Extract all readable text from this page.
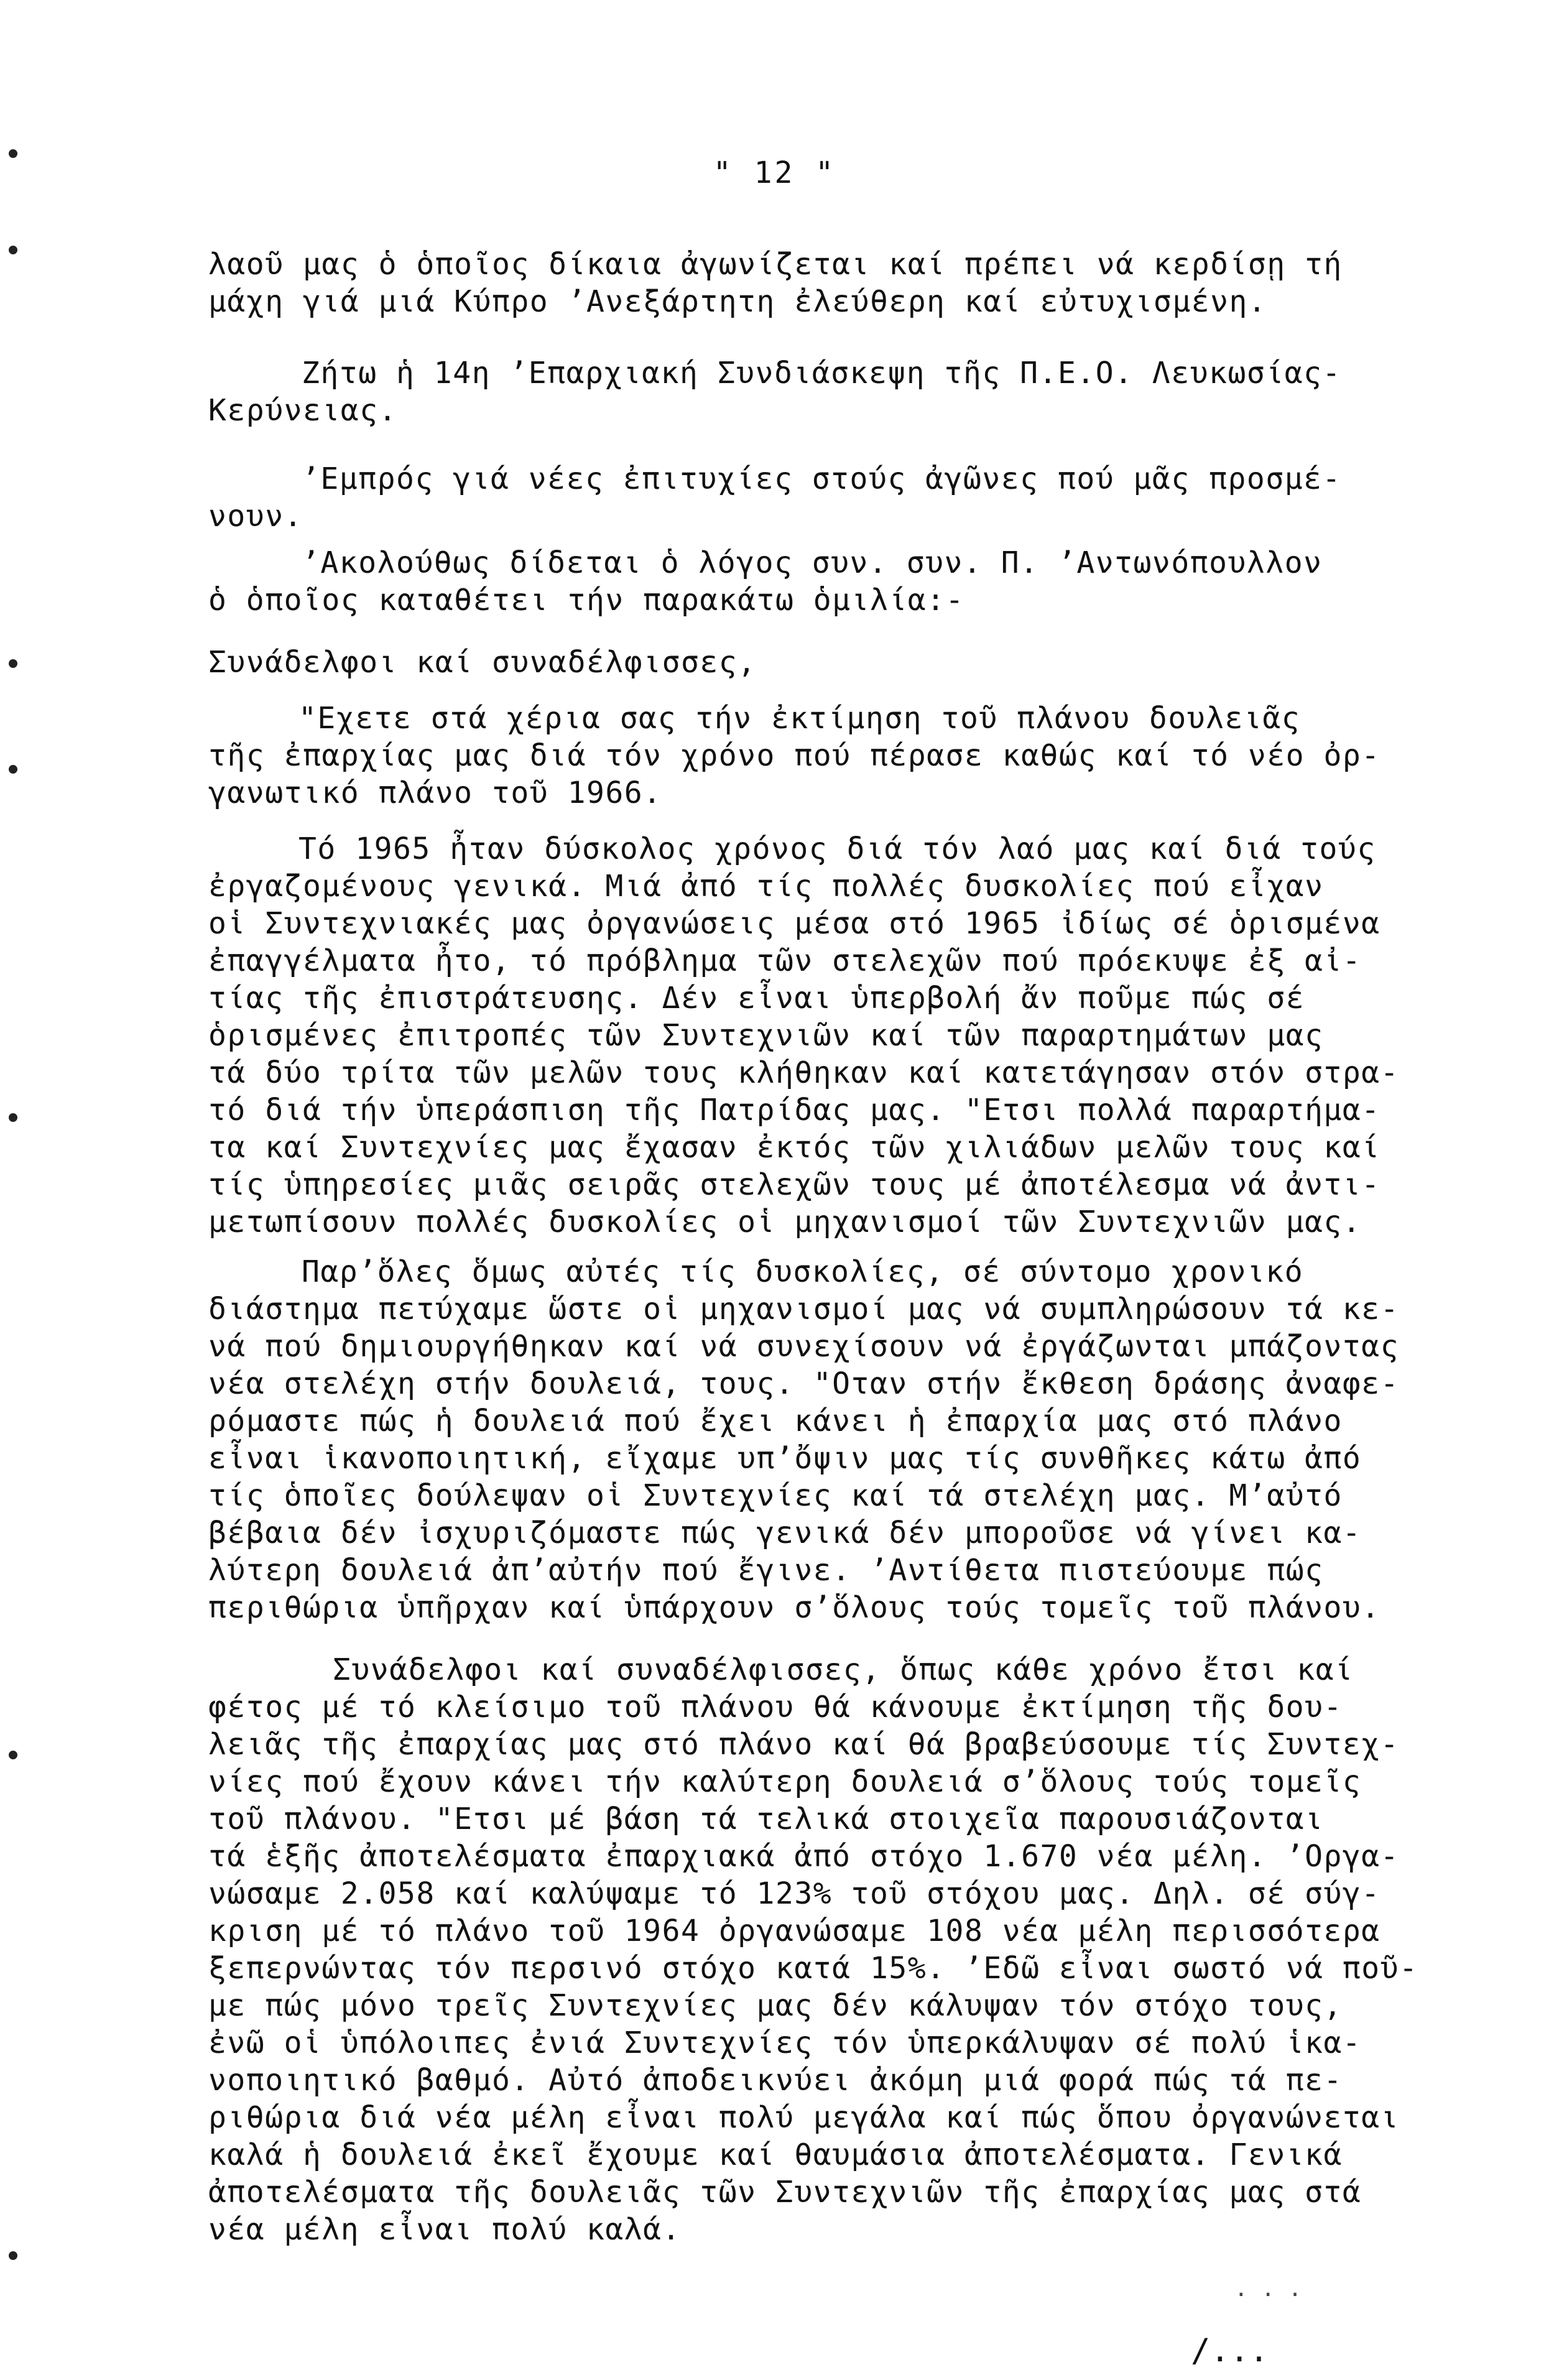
" 12 "
λαοῦ μας ὁ ὁποῖος δίκαια ἀγωνίζεται καί πρέπει νά κερδίσῃ τή
μάχη γιά μιά Κύπρο ’Ανεξάρτητη ἐλεύθερη καί εὐτυχισμένη.
Ζήτω ἡ 14η ’Επαρχιακή Συνδιάσκεψη τῆς Π.Ε.Ο. Λευκωσίας-
Κερύνειας.
’Εμπρός γιά νέες ἐπιτυχίες στούς ἀγῶνες πού μᾶς προσμέ-
νουν.
’Ακολούθως δίδεται ὁ λόγος συν. συν. Π. ’Αντωνόπουλλον
ὁ ὁποῖος καταθέτει τήν παρακάτω ὁμιλία:-
Συνάδελφοι καί συναδέλφισσες,
"Εχετε στά χέρια σας τήν ἐκτίμηση τοῦ πλάνου δουλειᾶς
τῆς ἐπαρχίας μας διά τόν χρόνο πού πέρασε καθώς καί τό νέο ὀρ-
γανωτικό πλάνο τοῦ 1966.
Τό 1965 ἦταν δύσκολος χρόνος διά τόν λαό μας καί διά τούς
ἐργαζομένους γενικά. Μιά ἀπό τίς πολλές δυσκολίες πού εἶχαν
οἱ Συντεχνιακές μας ὀργανώσεις μέσα στό 1965 ἰδίως σέ ὁρισμένα
ἐπαγγέλματα ἦτο, τό πρόβλημα τῶν στελεχῶν πού πρόεκυψε ἐξ αἰ-
τίας τῆς ἐπιστράτευσης. Δέν εἶναι ὑπερβολή ἄν ποῦμε πώς σέ
ὁρισμένες ἐπιτροπές τῶν Συντεχνιῶν καί τῶν παραρτημάτων μας
τά δύο τρίτα τῶν μελῶν τους κλήθηκαν καί κατετάγησαν στόν στρα-
τό διά τήν ὑπεράσπιση τῆς Πατρίδας μας. "Ετσι πολλά παραρτήμα-
τα καί Συντεχνίες μας ἔχασαν ἐκτός τῶν χιλιάδων μελῶν τους καί
τίς ὑπηρεσίες μιᾶς σειρᾶς στελεχῶν τους μέ ἀποτέλεσμα νά ἀντι-
μετωπίσουν πολλές δυσκολίες οἱ μηχανισμοί τῶν Συντεχνιῶν μας.
Παρ’ὅλες ὅμως αὐτές τίς δυσκολίες, σέ σύντομο χρονικό
διάστημα πετύχαμε ὥστε οἱ μηχανισμοί μας νά συμπληρώσουν τά κε-
νά πού δημιουργήθηκαν καί νά συνεχίσουν νά ἐργάζωνται μπάζοντας
νέα στελέχη στήν δουλειά, τους. "Οταν στήν ἔκθεση δράσης ἀναφε-
ρόμαστε πώς ἡ δουλειά πού ἔχει κάνει ἡ ἐπαρχία μας στό πλάνο
εἶναι ἱκανοποιητική, εἴχαμε υπ’ὄψιν μας τίς συνθῆκες κάτω ἀπό
τίς ὁποῖες δούλεψαν οἱ Συντεχνίες καί τά στελέχη μας. Μ’αὐτό
βέβαια δέν ἰσχυριζόμαστε πώς γενικά δέν μποροῦσε νά γίνει κα-
λύτερη δουλειά ἀπ’αὐτήν πού ἔγινε. ’Αντίθετα πιστεύουμε πώς
περιθώρια ὑπῆρχαν καί ὑπάρχουν σ’ὅλους τούς τομεῖς τοῦ πλάνου.
Συνάδελφοι καί συναδέλφισσες, ὅπως κάθε χρόνο ἔτσι καί
φέτος μέ τό κλείσιμο τοῦ πλάνου θά κάνουμε ἐκτίμηση τῆς δου-
λειᾶς τῆς ἐπαρχίας μας στό πλάνο καί θά βραβεύσουμε τίς Συντεχ-
νίες πού ἔχουν κάνει τήν καλύτερη δουλειά σ’ὅλους τούς τομεῖς
τοῦ πλάνου. "Ετσι μέ βάση τά τελικά στοιχεῖα παρουσιάζονται
τά ἑξῆς ἀποτελέσματα ἐπαρχιακά ἀπό στόχο 1.670 νέα μέλη. ’Οργα-
νώσαμε 2.058 καί καλύψαμε τό 123% τοῦ στόχου μας. Δηλ. σέ σύγ-
κριση μέ τό πλάνο τοῦ 1964 ὀργανώσαμε 108 νέα μέλη περισσότερα
ξεπερνώντας τόν περσινό στόχο κατά 15%. ’Εδῶ εἶναι σωστό νά ποῦ-
με πώς μόνο τρεῖς Συντεχνίες μας δέν κάλυψαν τόν στόχο τους,
ἐνῶ οἱ ὑπόλοιπες ἐνιά Συντεχνίες τόν ὑπερκάλυψαν σέ πολύ ἱκα-
νοποιητικό βαθμό. Αὐτό ἀποδεικνύει ἀκόμη μιά φορά πώς τά πε-
ριθώρια διά νέα μέλη εἶναι πολύ μεγάλα καί πώς ὅπου ὀργανώνεται
καλά ἡ δουλειά ἐκεῖ ἔχουμε καί θαυμάσια ἀποτελέσματα. Γενικά
ἀποτελέσματα τῆς δουλειᾶς τῶν Συντεχνιῶν τῆς ἐπαρχίας μας στά
νέα μέλη εἶναι πολύ καλά.
· · ·
/...
